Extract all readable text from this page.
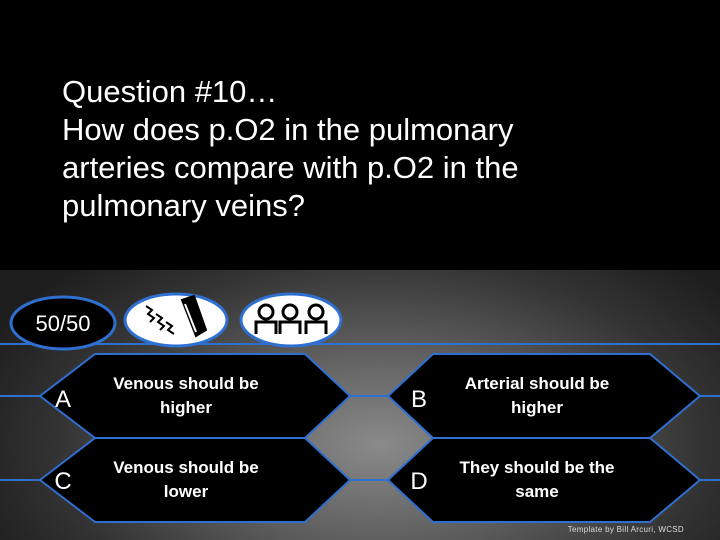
Question #10…
How does p.O2 in the pulmonary
arteries compare with p.O2 in the
pulmonary veins?
50/50
A
Venous should be
higher	B
Arterial should be
higher
C
Venous should be
lower	D
They should be the
same
Template by Bill Arcuri, WCSD
